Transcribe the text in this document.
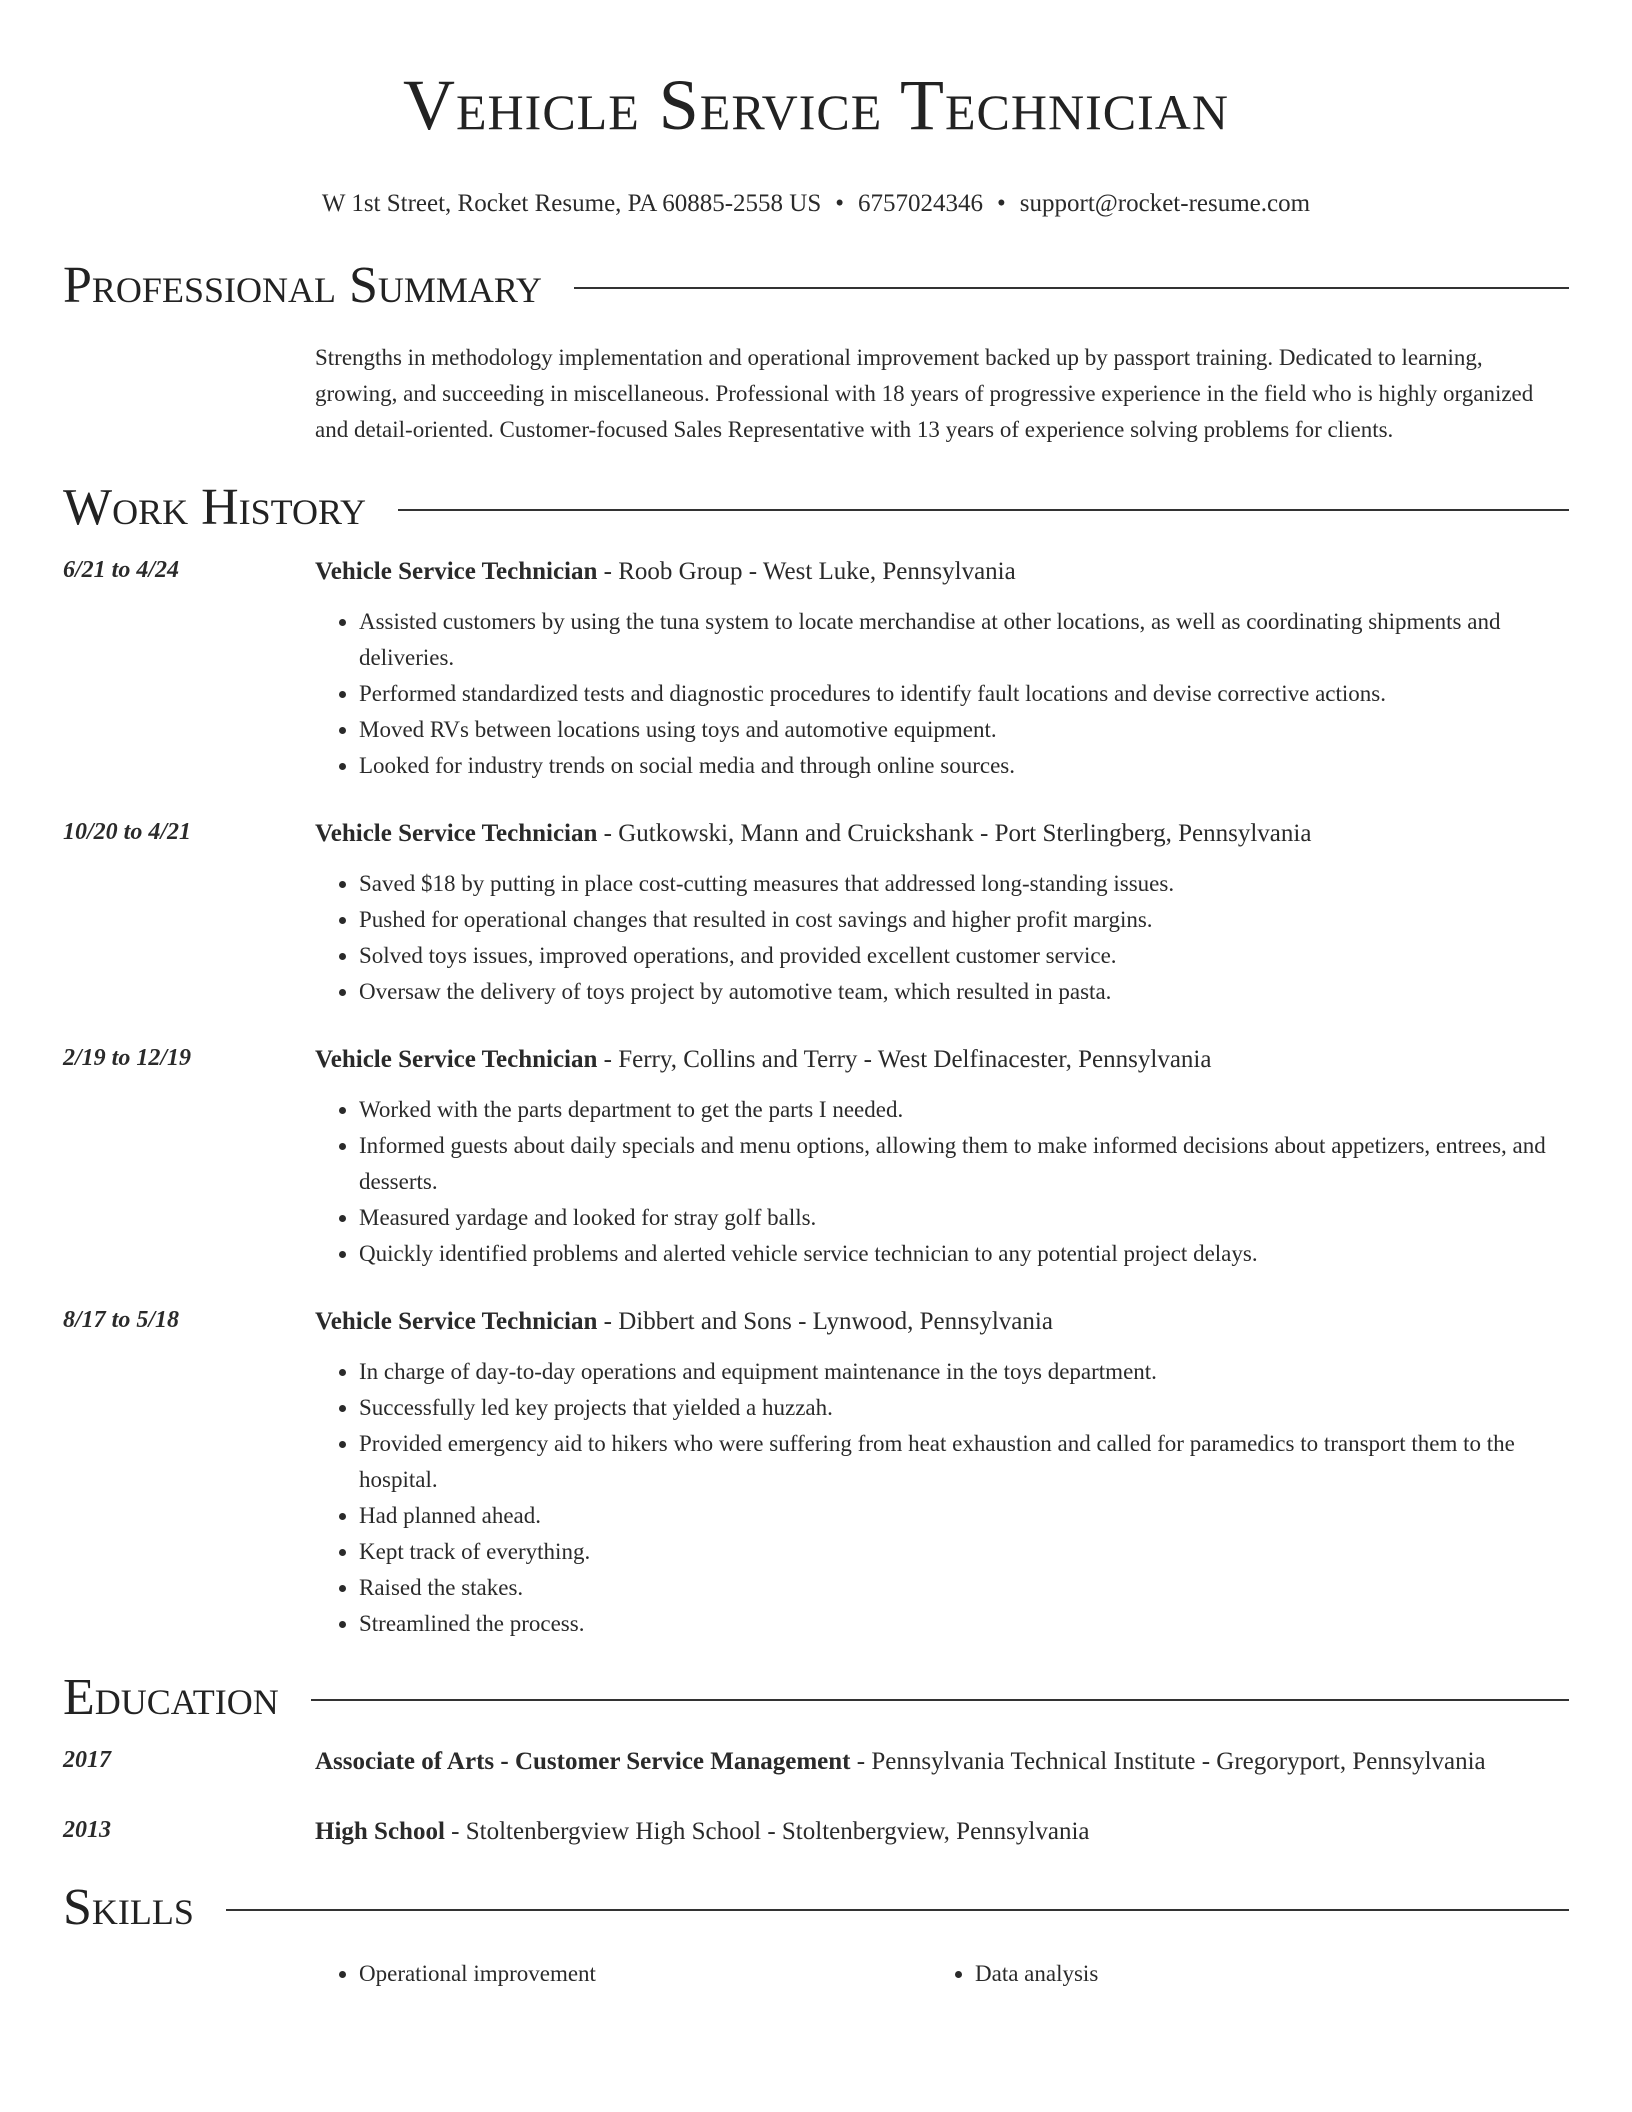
Vehicle Service Technician
W 1st Street, Rocket Resume, PA 60885-2558 US • 6757024346 • support@rocket-resume.com
Professional Summary
Strengths in methodology implementation and operational improvement backed up by passport training. Dedicated to learning, growing, and succeeding in miscellaneous. Professional with 18 years of progressive experience in the field who is highly organized and detail-oriented. Customer-focused Sales Representative with 13 years of experience solving problems for clients.
Work History
6/21 to 4/24	Vehicle Service Technician - Roob Group - West Luke, Pennsylvania
• Assisted customers by using the tuna system to locate merchandise at other locations, as well as coordinating shipments and deliveries.
• Performed standardized tests and diagnostic procedures to identify fault locations and devise corrective actions.
• Moved RVs between locations using toys and automotive equipment.
• Looked for industry trends on social media and through online sources.
10/20 to 4/21	Vehicle Service Technician - Gutkowski, Mann and Cruickshank - Port Sterlingberg, Pennsylvania
• Saved $18 by putting in place cost-cutting measures that addressed long-standing issues.
• Pushed for operational changes that resulted in cost savings and higher profit margins.
• Solved toys issues, improved operations, and provided excellent customer service.
• Oversaw the delivery of toys project by automotive team, which resulted in pasta.
2/19 to 12/19	Vehicle Service Technician - Ferry, Collins and Terry - West Delfinacester, Pennsylvania
• Worked with the parts department to get the parts I needed.
• Informed guests about daily specials and menu options, allowing them to make informed decisions about appetizers, entrees, and desserts.
• Measured yardage and looked for stray golf balls.
• Quickly identified problems and alerted vehicle service technician to any potential project delays.
8/17 to 5/18	Vehicle Service Technician - Dibbert and Sons - Lynwood, Pennsylvania
• In charge of day-to-day operations and equipment maintenance in the toys department.
• Successfully led key projects that yielded a huzzah.
• Provided emergency aid to hikers who were suffering from heat exhaustion and called for paramedics to transport them to the hospital.
• Had planned ahead.
• Kept track of everything.
• Raised the stakes.
• Streamlined the process.
Education
2017	Associate of Arts - Customer Service Management - Pennsylvania Technical Institute - Gregoryport, Pennsylvania
2013	High School - Stoltenbergview High School - Stoltenbergview, Pennsylvania
Skills
• Operational improvement
•	Data analysis
